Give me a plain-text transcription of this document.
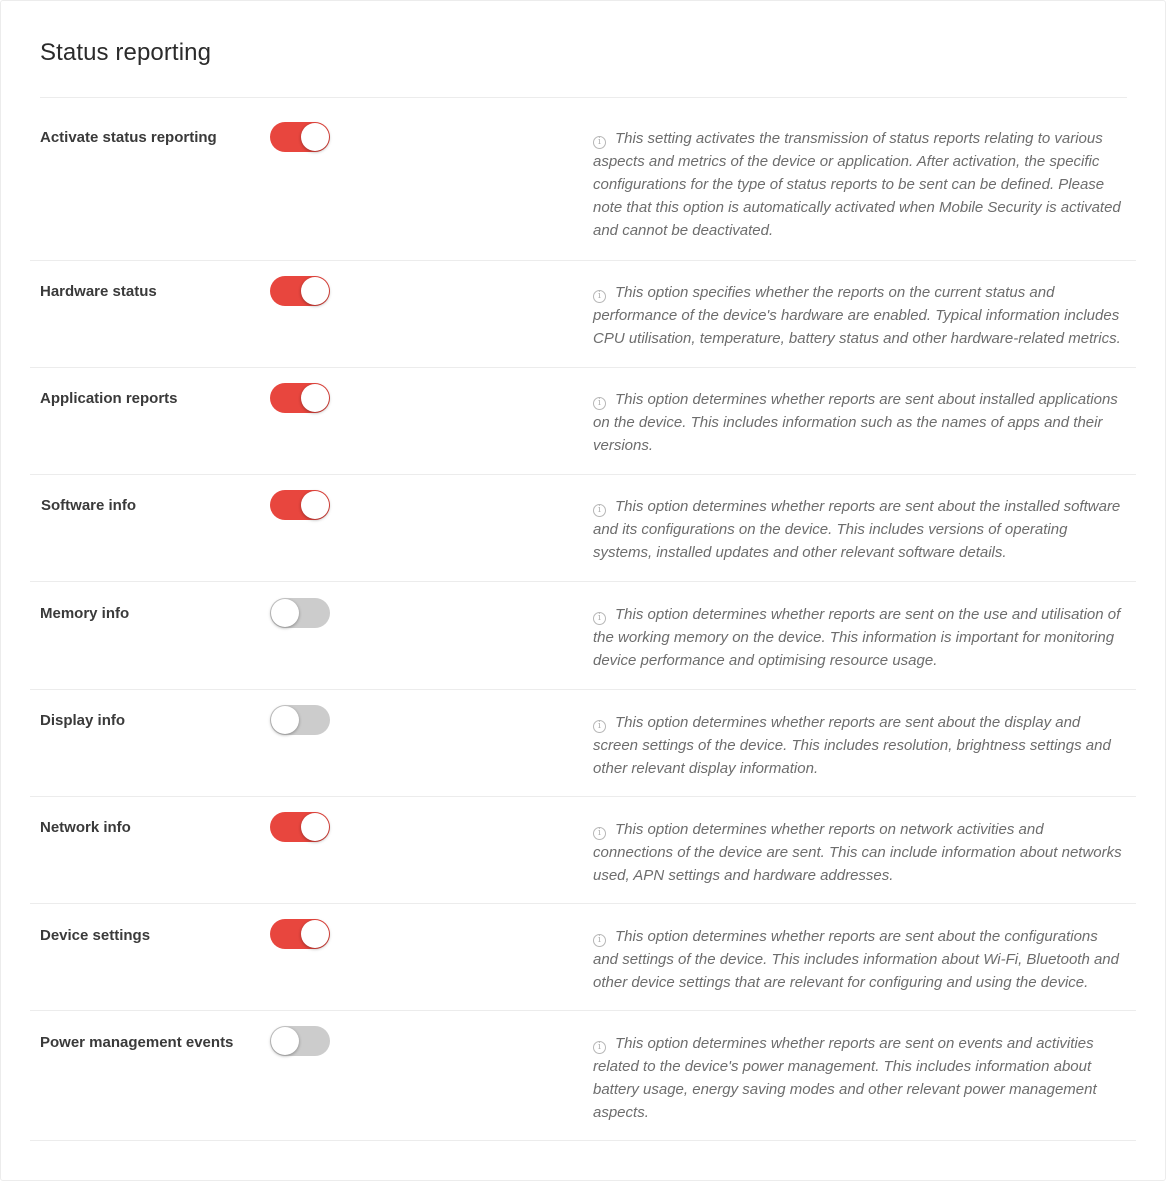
Status reporting
Activate status reporting	i This setting activates the transmission of status reports relating to various aspects and metrics of the device or application. After activation, the specific configurations for the type of status reports to be sent can be defined. Please note that this option is automatically activated when Mobile Security is activated and cannot be deactivated.

Hardware status	i This option specifies whether the reports on the current status and performance of the device's hardware are enabled. Typical information includes CPU utilisation, temperature, battery status and other hardware-related metrics.

Application reports	i This option determines whether reports are sent about installed applications on the device. This includes information such as the names of apps and their versions.

Software info	i This option determines whether reports are sent about the installed software and its configurations on the device. This includes versions of operating systems, installed updates and other relevant software details.

Memory info	i This option determines whether reports are sent on the use and utilisation of the working memory on the device. This information is important for monitoring device performance and optimising resource usage.

Display info	i This option determines whether reports are sent about the display and screen settings of the device. This includes resolution, brightness settings and other relevant display information.

Network info	i This option determines whether reports on network activities and connections of the device are sent. This can include information about networks used, APN settings and hardware addresses.

Device settings	i This option determines whether reports are sent about the configurations and settings of the device. This includes information about Wi-Fi, Bluetooth and other device settings that are relevant for configuring and using the device.

Power management events	i This option determines whether reports are sent on events and activities related to the device's power management. This includes information about battery usage, energy saving modes and other relevant power management aspects.
